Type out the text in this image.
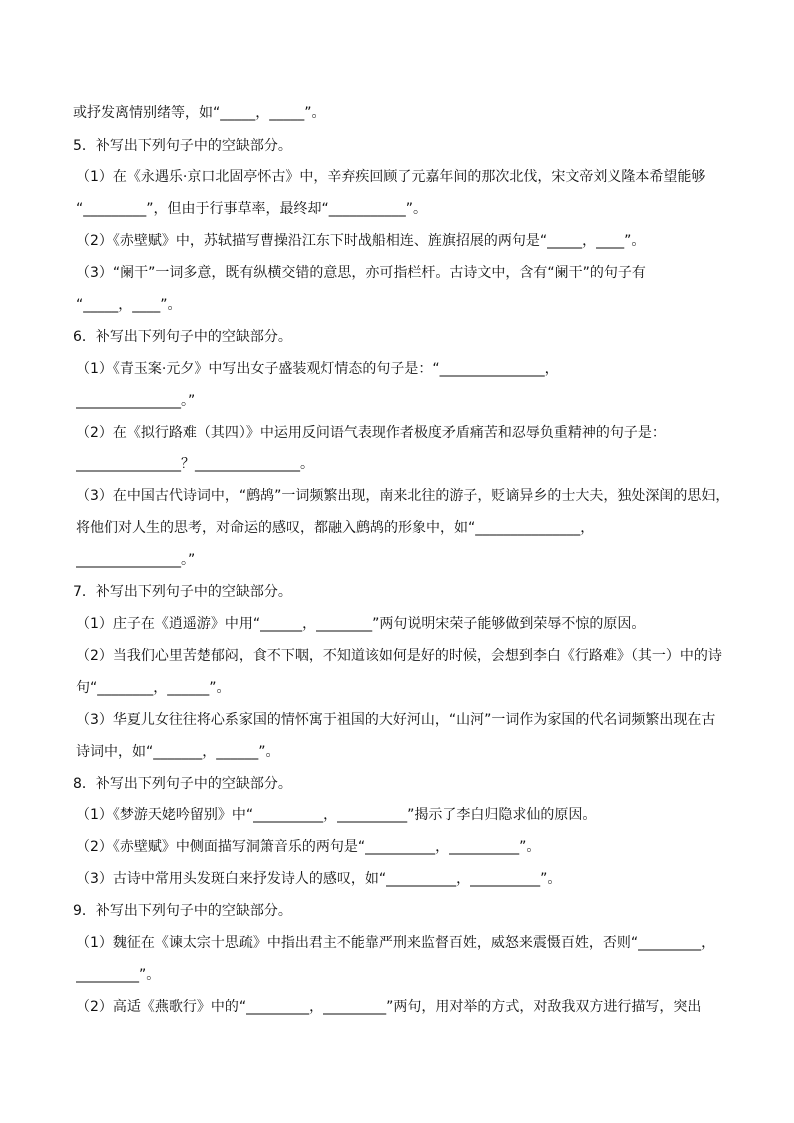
或抒发离情别绪等，如“_____，_____”。
5．补写出下列句子中的空缺部分。
（1）在《永遇乐·京口北固亭怀古》中，辛弃疾回顾了元嘉年间的那次北伐，宋文帝刘义隆本希望能够
“_________”，但由于行事草率，最终却“___________”。
（2）《赤壁赋》中，苏轼描写曹操沿江东下时战船相连、旌旗招展的两句是“_____，____”。
（3）“阑干”一词多意，既有纵横交错的意思，亦可指栏杆。古诗文中，含有“阑干”的句子有
“_____，____”。
6．补写出下列句子中的空缺部分。
（1）《青玉案·元夕》中写出女子盛装观灯情态的句子是：“_______________，
_______________。”
（2）在《拟行路难（其四）》中运用反问语气表现作者极度矛盾痛苦和忍辱负重精神的句子是：
_______________？_______________。
（3）在中国古代诗词中，“鹧鸪”一词频繁出现，南来北往的游子，贬谪异乡的士大夫，独处深闺的思妇，
将他们对人生的思考，对命运的感叹，都融入鹧鸪的形象中，如“_______________，
_______________。”
7．补写出下列句子中的空缺部分。
（1）庄子在《逍遥游》中用“______，________”两句说明宋荣子能够做到荣辱不惊的原因。
（2）当我们心里苦楚郁闷，食不下咽，不知道该如何是好的时候，会想到李白《行路难》（其一）中的诗
句“________，______”。
（3）华夏儿女往往将心系家国的情怀寓于祖国的大好河山，“山河”一词作为家国的代名词频繁出现在古
诗词中，如“_______，______”。
8．补写出下列句子中的空缺部分。
（1）《梦游天姥吟留别》中“__________，__________”揭示了李白归隐求仙的原因。
（2）《赤壁赋》中侧面描写洞箫音乐的两句是“__________，__________”。
（3）古诗中常用头发斑白来抒发诗人的感叹，如“__________，__________”。
9．补写出下列句子中的空缺部分。
（1）魏征在《谏太宗十思疏》中指出君主不能靠严刑来监督百姓，威怒来震慑百姓，否则“_________，
_________”。
（2）高适《燕歌行》中的“_________，_________”两句，用对举的方式，对敌我双方进行描写，突出
